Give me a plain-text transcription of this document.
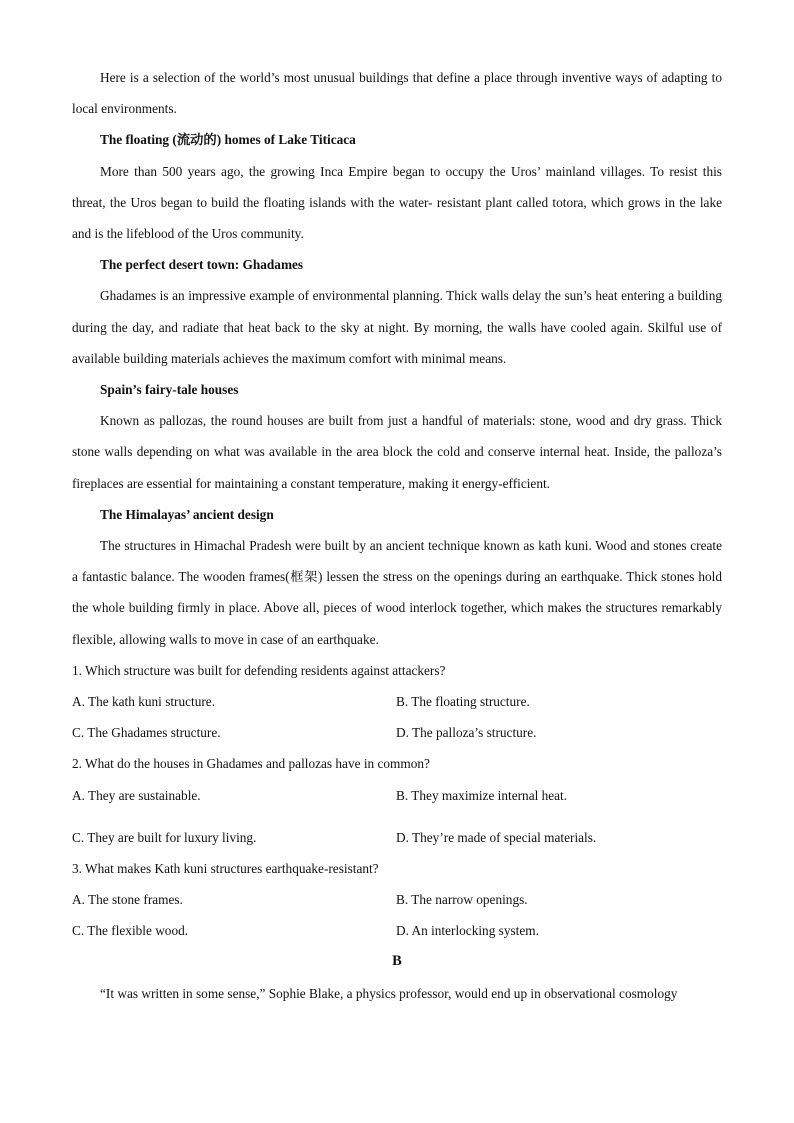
Here is a selection of the world’s most unusual buildings that define a place through inventive ways of adapting to local environments.

The floating (流动的) homes of Lake Titicaca

More than 500 years ago, the growing Inca Empire began to occupy the Uros’ mainland villages. To resist this threat, the Uros began to build the floating islands with the water- resistant plant called totora, which grows in the lake and is the lifeblood of the Uros community.

The perfect desert town: Ghadames

Ghadames is an impressive example of environmental planning. Thick walls delay the sun’s heat entering a building during the day, and radiate that heat back to the sky at night. By morning, the walls have cooled again. Skilful use of available building materials achieves the maximum comfort with minimal means.

Spain’s fairy-tale houses

Known as pallozas, the round houses are built from just a handful of materials: stone, wood and dry grass. Thick stone walls depending on what was available in the area block the cold and conserve internal heat. Inside, the palloza’s fireplaces are essential for maintaining a constant temperature, making it energy-efficient.

The Himalayas’ ancient design

The structures in Himachal Pradesh were built by an ancient technique known as kath kuni. Wood and stones create a fantastic balance. The wooden frames(框架) lessen the stress on the openings during an earthquake. Thick stones hold the whole building firmly in place. Above all, pieces of wood interlock together, which makes the structures remarkably flexible, allowing walls to move in case of an earthquake.

1. Which structure was built for defending residents against attackers?

A. The kath kuni structure.	B. The floating structure.
C. The Ghadames structure.	D. The palloza’s structure.

2. What do the houses in Ghadames and pallozas have in common?

A. They are sustainable.	B. They maximize internal heat.
C. They are built for luxury living.	D. They’re made of special materials.

3. What makes Kath kuni structures earthquake-resistant?

A. The stone frames.	B. The narrow openings.
C. The flexible wood.	D. An interlocking system.
B

“It was written in some sense,” Sophie Blake, a physics professor, would end up in observational cosmology
